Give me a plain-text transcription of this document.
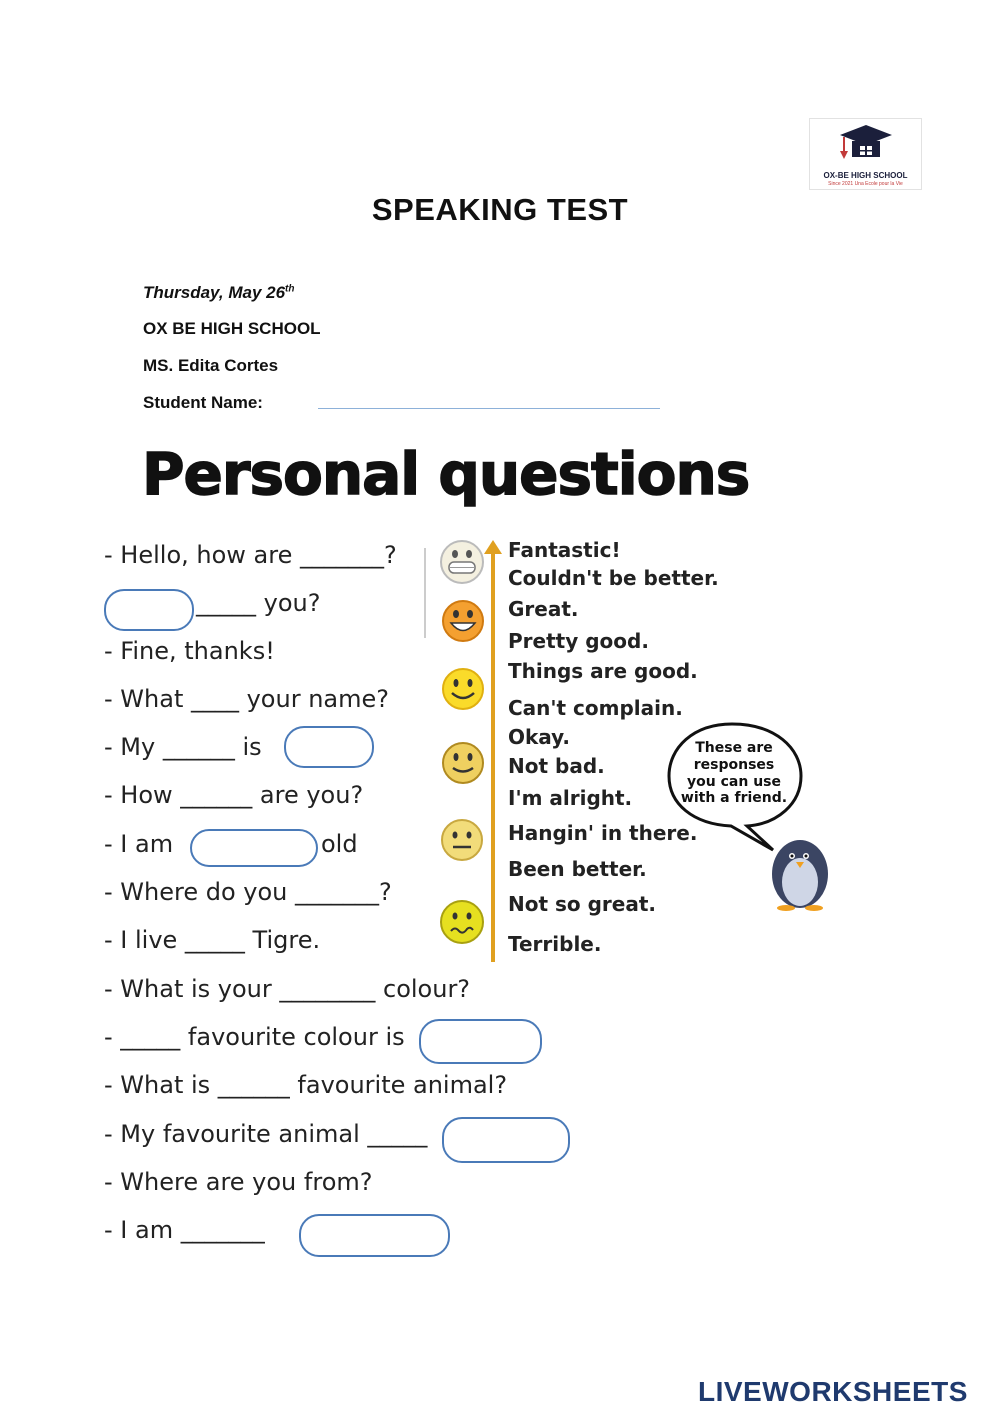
OX-BE HIGH SCHOOL
Since 2021 Una Ecole pour la Vie
SPEAKING TEST
Thursday, May 26th
OX BE HIGH SCHOOL
MS. Edita Cortes
Student Name:
Personal questions
- Hello, how are _______?
_____ you?
- Fine, thanks!
- What ____ your name?
- My ______ is
- How ______ are you?
- I am	old
- Where do you _______?
- I live _____ Tigre.
- What is your ________ colour?
- _____ favourite colour is
- What is ______ favourite animal?
- My favourite animal _____
- Where are you from?
- I am _______
Fantastic!
Couldn't be better.
Great.
Pretty good.
Things are good.
Can't complain.
Okay.
Not bad.
I'm alright.
Hangin' in there.
Been better.
Not so great.
Terrible.
These are
responses
you can use
with a friend.
LIVEWORKSHEETS
